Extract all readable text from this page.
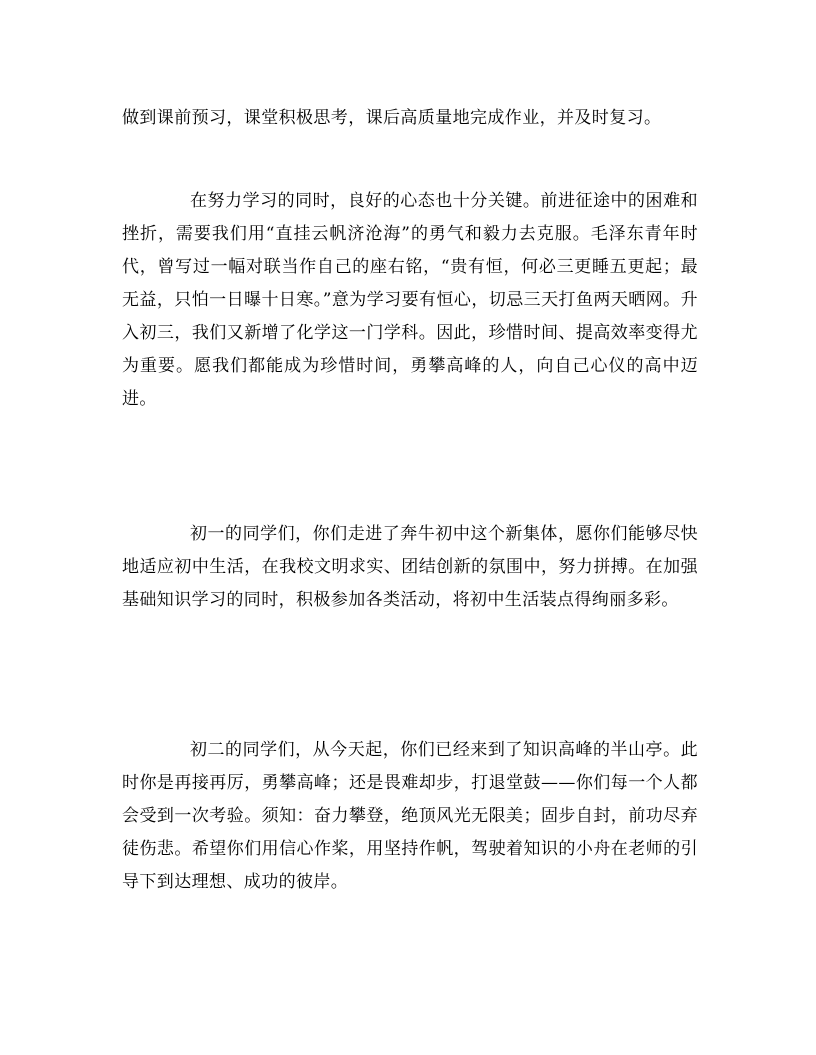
做到课前预习，课堂积极思考，课后高质量地完成作业，并及时复习。

在努力学习的同时，良好的心态也十分关键。前进征途中的困难和挫折，需要我们用“直挂云帆济沧海”的勇气和毅力去克服。毛泽东青年时代，曾写过一幅对联当作自己的座右铭，“贵有恒，何必三更睡五更起；最无益，只怕一日曝十日寒。”意为学习要有恒心，切忌三天打鱼两天晒网。升入初三，我们又新增了化学这一门学科。因此，珍惜时间、提高效率变得尤为重要。愿我们都能成为珍惜时间，勇攀高峰的人，向自己心仪的高中迈进。

初一的同学们，你们走进了奔牛初中这个新集体，愿你们能够尽快地适应初中生活，在我校文明求实、团结创新的氛围中，努力拼搏。在加强基础知识学习的同时，积极参加各类活动，将初中生活装点得绚丽多彩。

初二的同学们，从今天起，你们已经来到了知识高峰的半山亭。此时你是再接再厉，勇攀高峰；还是畏难却步，打退堂鼓——你们每一个人都会受到一次考验。须知：奋力攀登，绝顶风光无限美；固步自封，前功尽弃徒伤悲。希望你们用信心作桨，用坚持作帆，驾驶着知识的小舟在老师的引导下到达理想、成功的彼岸。
